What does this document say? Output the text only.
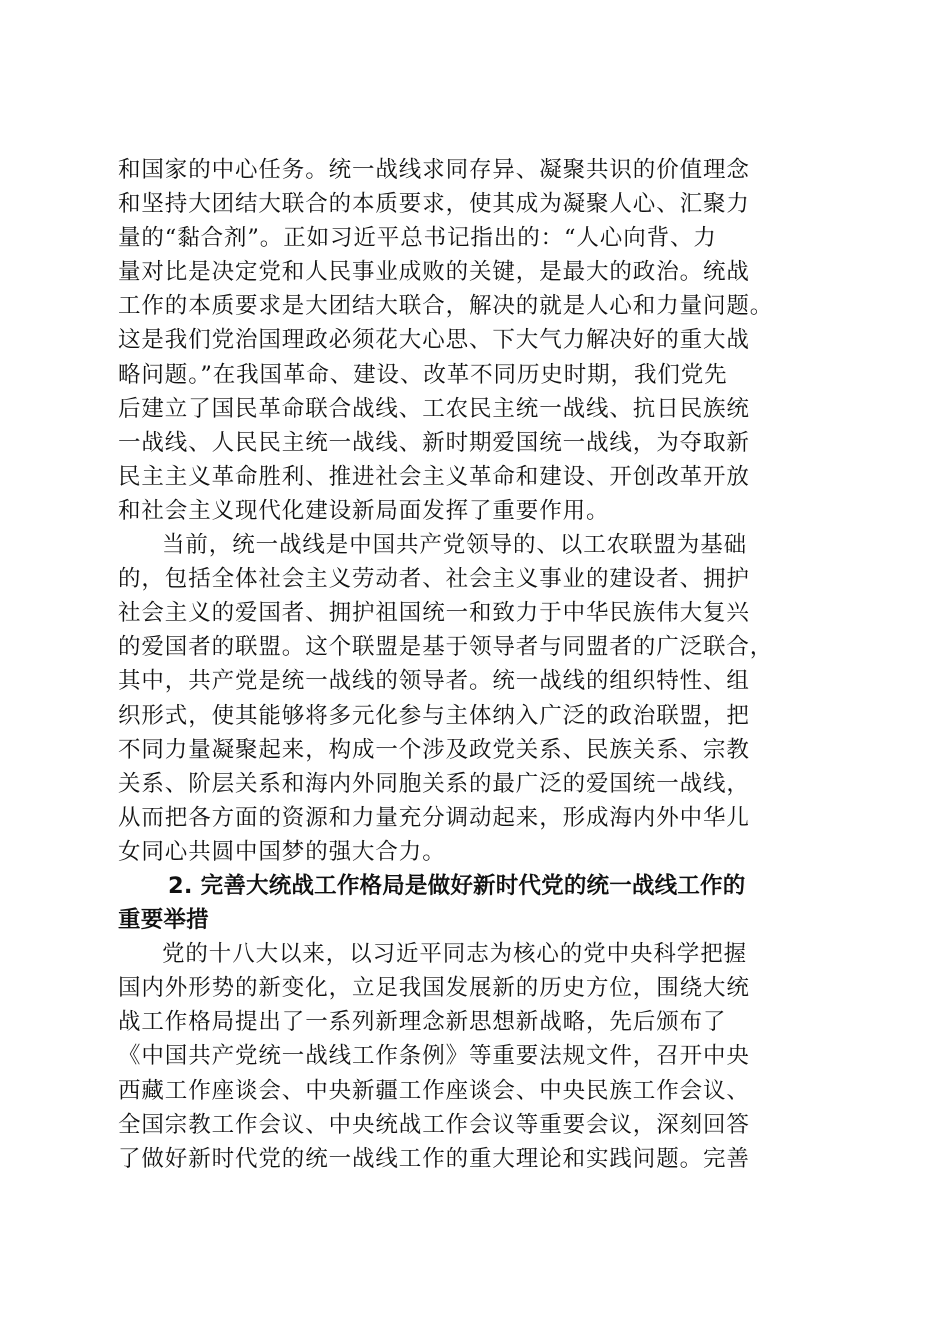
和国家的中心任务。统一战线求同存异、凝聚共识的价值理念
和坚持大团结大联合的本质要求，使其成为凝聚人心、汇聚力
量的“黏合剂”。正如习近平总书记指出的：“人心向背、力
量对比是决定党和人民事业成败的关键，是最大的政治。统战
工作的本质要求是大团结大联合，解决的就是人心和力量问题。
这是我们党治国理政必须花大心思、下大气力解决好的重大战
略问题。”在我国革命、建设、改革不同历史时期，我们党先
后建立了国民革命联合战线、工农民主统一战线、抗日民族统
一战线、人民民主统一战线、新时期爱国统一战线，为夺取新
民主主义革命胜利、推进社会主义革命和建设、开创改革开放
和社会主义现代化建设新局面发挥了重要作用。
当前，统一战线是中国共产党领导的、以工农联盟为基础
的，包括全体社会主义劳动者、社会主义事业的建设者、拥护
社会主义的爱国者、拥护祖国统一和致力于中华民族伟大复兴
的爱国者的联盟。这个联盟是基于领导者与同盟者的广泛联合，
其中，共产党是统一战线的领导者。统一战线的组织特性、组
织形式，使其能够将多元化参与主体纳入广泛的政治联盟，把
不同力量凝聚起来，构成一个涉及政党关系、民族关系、宗教
关系、阶层关系和海内外同胞关系的最广泛的爱国统一战线，
从而把各方面的资源和力量充分调动起来，形成海内外中华儿
女同心共圆中国梦的强大合力。
2. 完善大统战工作格局是做好新时代党的统一战线工作的
重要举措
党的十八大以来，以习近平同志为核心的党中央科学把握
国内外形势的新变化，立足我国发展新的历史方位，围绕大统
战工作格局提出了一系列新理念新思想新战略，先后颁布了
《中国共产党统一战线工作条例》等重要法规文件，召开中央
西藏工作座谈会、中央新疆工作座谈会、中央民族工作会议、
全国宗教工作会议、中央统战工作会议等重要会议，深刻回答
了做好新时代党的统一战线工作的重大理论和实践问题。完善
